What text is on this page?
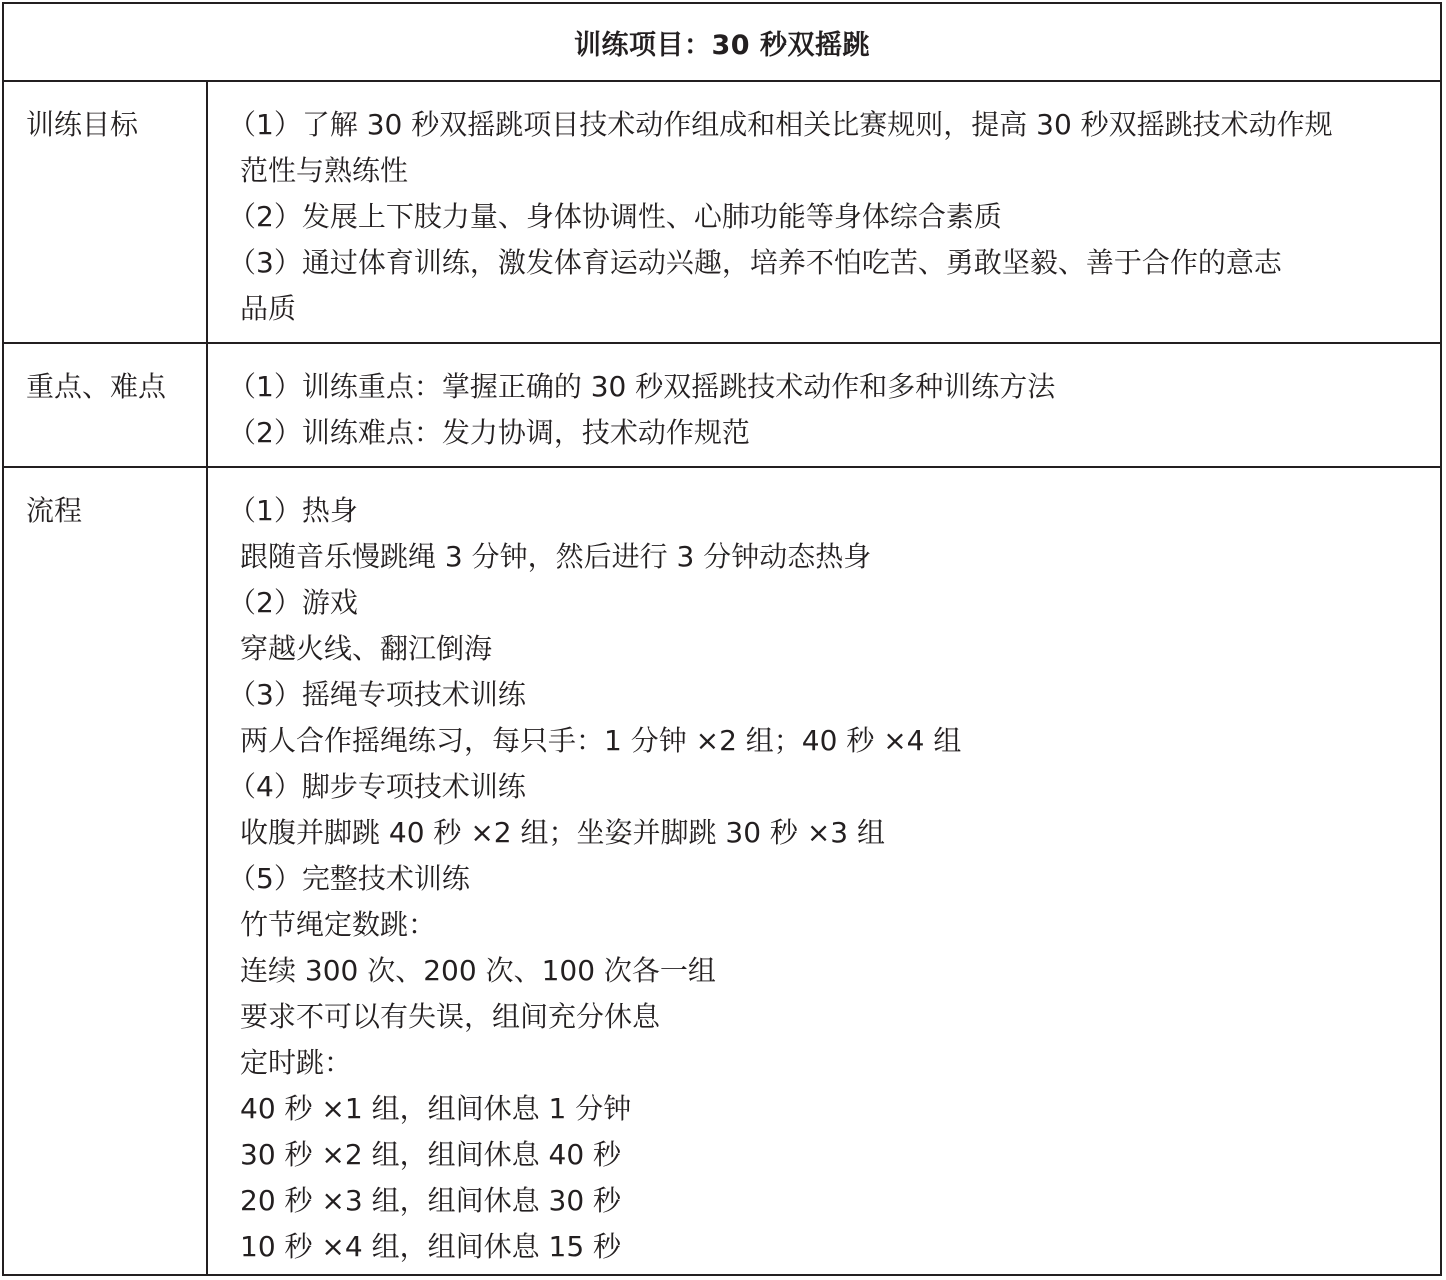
训练项目：30 秒双摇跳
训练目标	（1）了解 30 秒双摇跳项目技术动作组成和相关比赛规则，提高 30 秒双摇跳技术动作规
范性与熟练性
（2）发展上下肢力量、身体协调性、心肺功能等身体综合素质
（3）通过体育训练，激发体育运动兴趣，培养不怕吃苦、勇敢坚毅、善于合作的意志
品质
重点、难点	（1）训练重点：掌握正确的 30 秒双摇跳技术动作和多种训练方法
（2）训练难点：发力协调，技术动作规范
流程	（1）热身
跟随音乐慢跳绳 3 分钟，然后进行 3 分钟动态热身
（2）游戏
穿越火线、翻江倒海
（3）摇绳专项技术训练
两人合作摇绳练习，每只手：1 分钟 ×2 组；40 秒 ×4 组
（4）脚步专项技术训练
收腹并脚跳 40 秒 ×2 组；坐姿并脚跳 30 秒 ×3 组
（5）完整技术训练
竹节绳定数跳：
连续 300 次、200 次、100 次各一组
要求不可以有失误，组间充分休息
定时跳：
40 秒 ×1 组，组间休息 1 分钟
30 秒 ×2 组，组间休息 40 秒
20 秒 ×3 组，组间休息 30 秒
10 秒 ×4 组，组间休息 15 秒
